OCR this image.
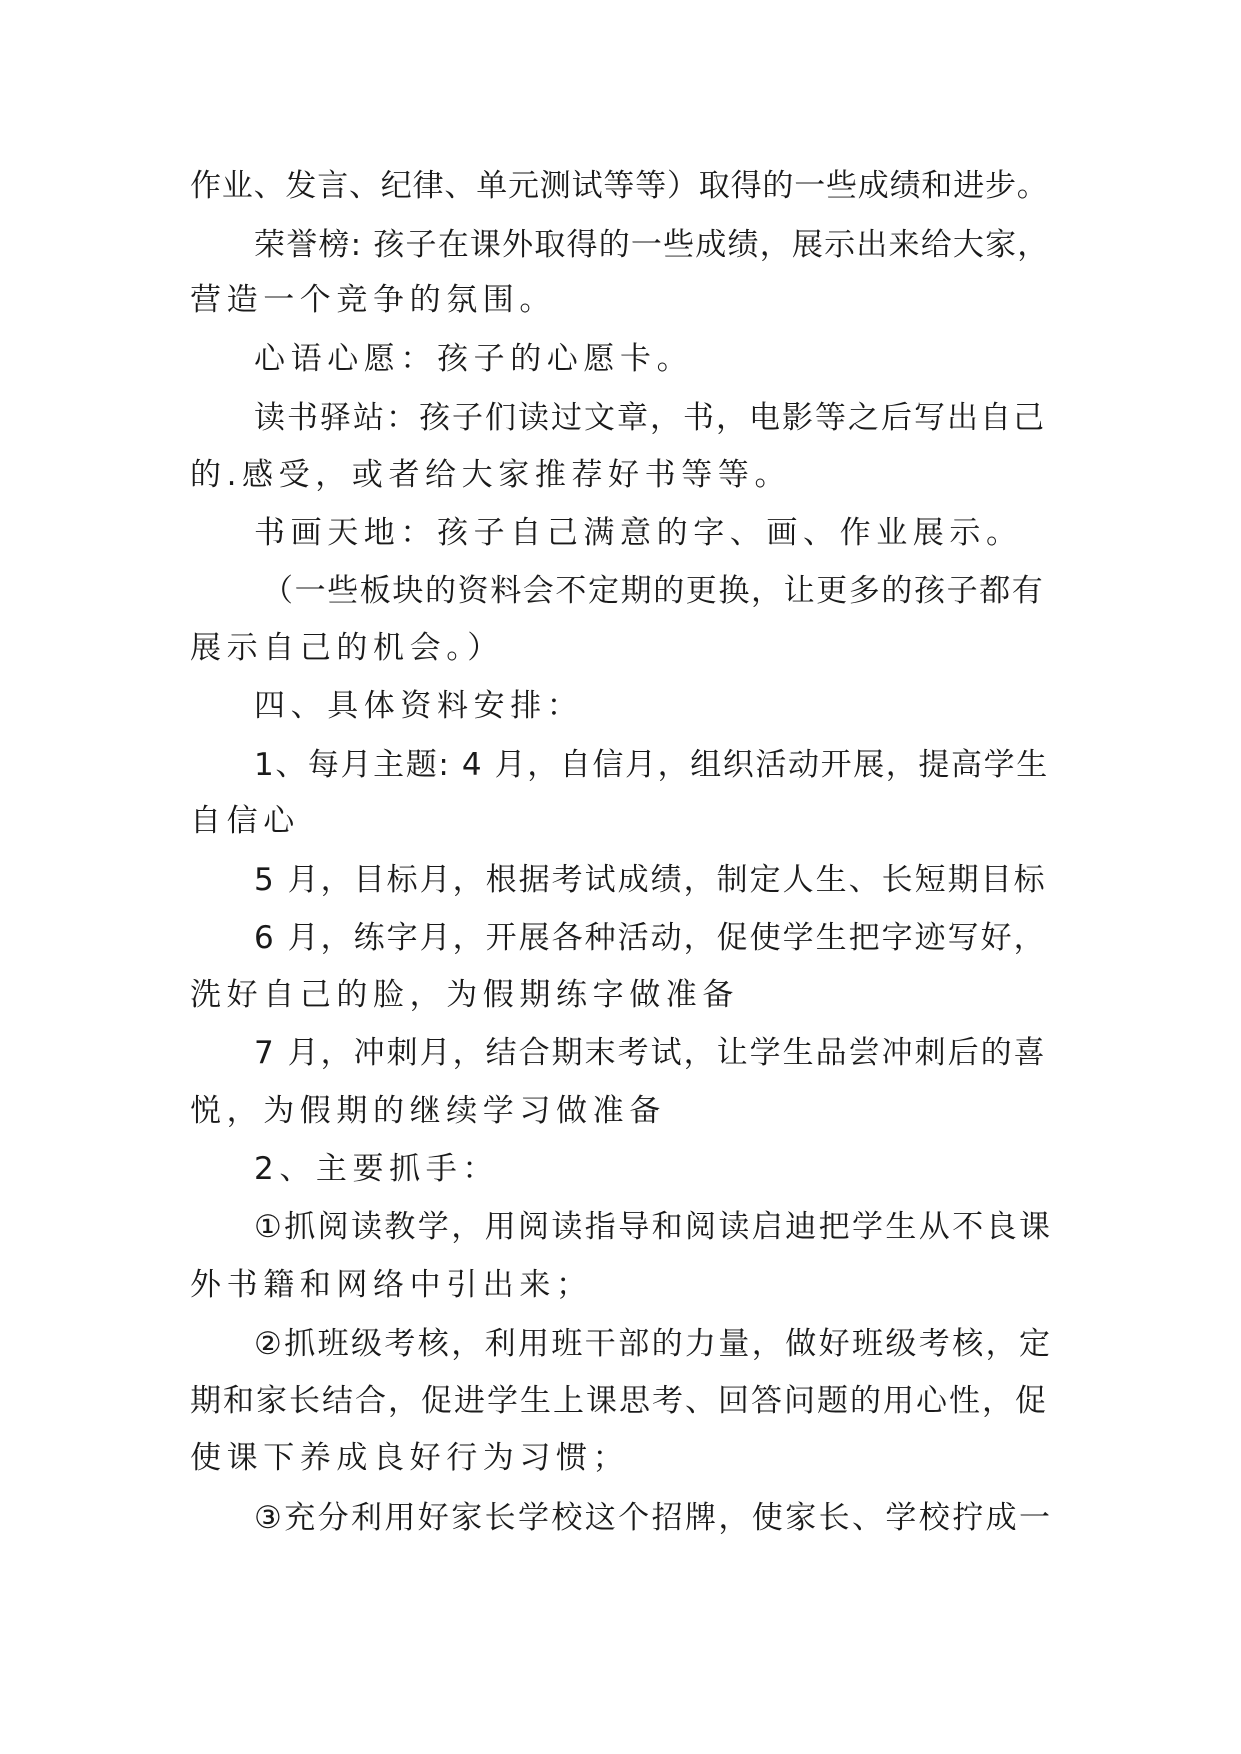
作业、发言、纪律、单元测试等等）取得的一些成绩和进步。
荣誉榜: 孩子在课外取得的一些成绩，展示出来给大家，
营造一个竞争的氛围。
心语心愿：孩子的心愿卡。
读书驿站：孩子们读过文章，书，电影等之后写出自己
的.感受，或者给大家推荐好书等等。
书画天地：孩子自己满意的字、画、作业展示。
（一些板块的资料会不定期的更换，让更多的孩子都有
展示自己的机会。）
四、具体资料安排：
1、每月主题: 4 月，自信月，组织活动开展，提高学生
自信心
5 月，目标月，根据考试成绩，制定人生、长短期目标
6 月，练字月，开展各种活动，促使学生把字迹写好，
洗好自己的脸，为假期练字做准备
7 月，冲刺月，结合期末考试，让学生品尝冲刺后的喜
悦，为假期的继续学习做准备
2、主要抓手：
①抓阅读教学，用阅读指导和阅读启迪把学生从不良课
外书籍和网络中引出来；
②抓班级考核，利用班干部的力量，做好班级考核，定
期和家长结合，促进学生上课思考、回答问题的用心性，促
使课下养成良好行为习惯；
③充分利用好家长学校这个招牌，使家长、学校拧成一
